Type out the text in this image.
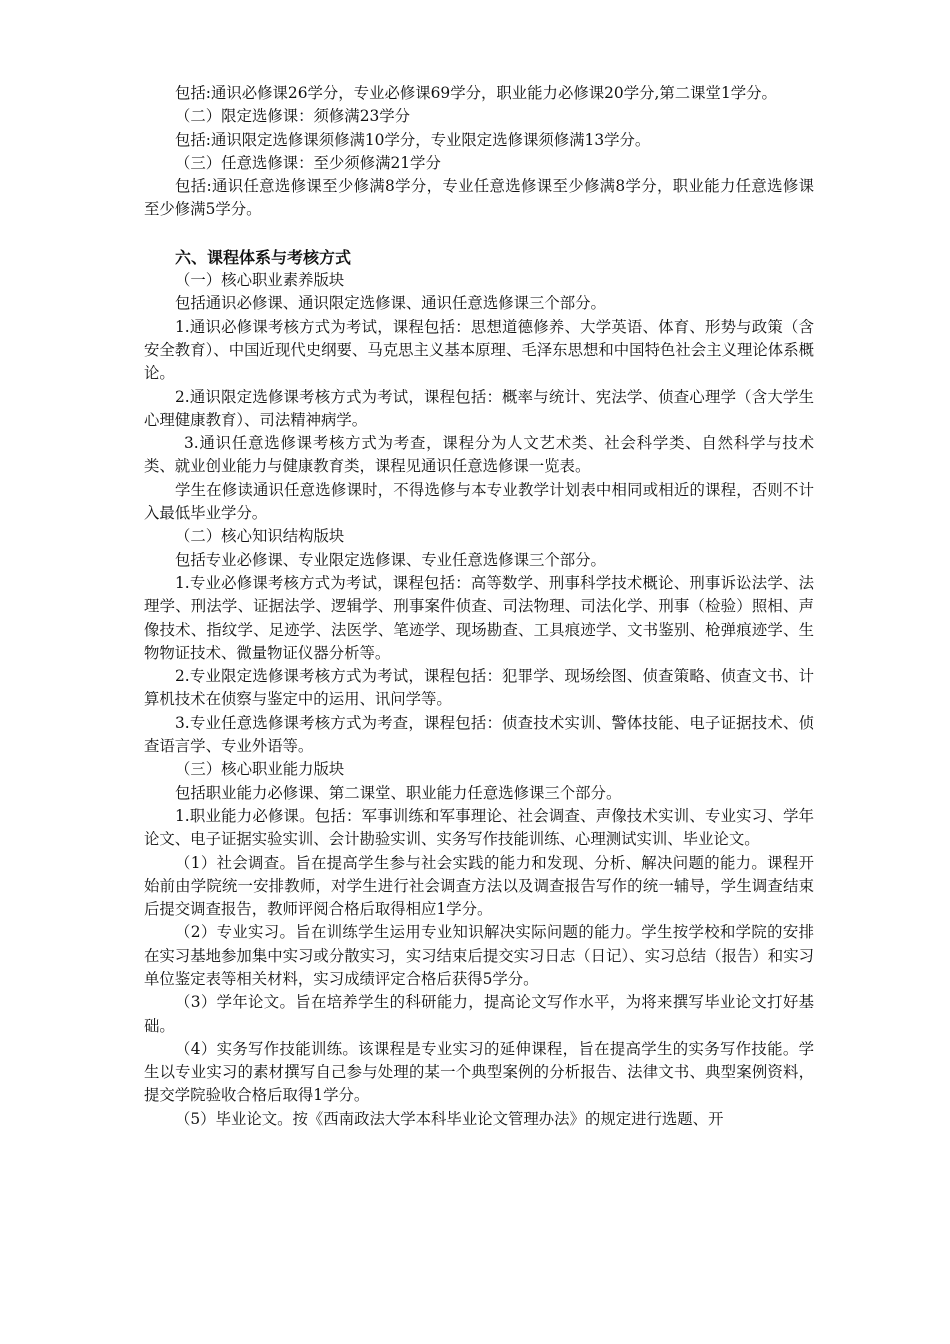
包括:通识必修课26学分，专业必修课69学分，职业能力必修课20学分,第二课堂1学分。

（二）限定选修课：须修满23学分

包括:通识限定选修课须修满10学分，专业限定选修课须修满13学分。

（三）任意选修课：至少须修满21学分

包括:通识任意选修课至少修满8学分，专业任意选修课至少修满8学分，职业能力任意选修课至少修满5学分。

六、课程体系与考核方式

（一）核心职业素养版块

包括通识必修课、通识限定选修课、通识任意选修课三个部分。

1.通识必修课考核方式为考试，课程包括：思想道德修养、大学英语、体育、形势与政策（含安全教育）、中国近现代史纲要、马克思主义基本原理、毛泽东思想和中国特色社会主义理论体系概论。

2.通识限定选修课考核方式为考试，课程包括：概率与统计、宪法学、侦查心理学（含大学生心理健康教育）、司法精神病学。

3.通识任意选修课考核方式为考查，课程分为人文艺术类、社会科学类、自然科学与技术类、就业创业能力与健康教育类，课程见通识任意选修课一览表。

学生在修读通识任意选修课时，不得选修与本专业教学计划表中相同或相近的课程，否则不计入最低毕业学分。

（二）核心知识结构版块

包括专业必修课、专业限定选修课、专业任意选修课三个部分。

1.专业必修课考核方式为考试，课程包括：高等数学、刑事科学技术概论、刑事诉讼法学、法理学、刑法学、证据法学、逻辑学、刑事案件侦查、司法物理、司法化学、刑事（检验）照相、声像技术、指纹学、足迹学、法医学、笔迹学、现场勘查、工具痕迹学、文书鉴别、枪弹痕迹学、生物物证技术、微量物证仪器分析等。

2.专业限定选修课考核方式为考试，课程包括：犯罪学、现场绘图、侦查策略、侦查文书、计算机技术在侦察与鉴定中的运用、讯问学等。

3.专业任意选修课考核方式为考查，课程包括：侦查技术实训、警体技能、电子证据技术、侦查语言学、专业外语等。

（三）核心职业能力版块

包括职业能力必修课、第二课堂、职业能力任意选修课三个部分。

1.职业能力必修课。包括：军事训练和军事理论、社会调查、声像技术实训、专业实习、学年论文、电子证据实验实训、会计勘验实训、实务写作技能训练、心理测试实训、毕业论文。

（1）社会调查。旨在提高学生参与社会实践的能力和发现、分析、解决问题的能力。课程开始前由学院统一安排教师，对学生进行社会调查方法以及调查报告写作的统一辅导，学生调查结束后提交调查报告，教师评阅合格后取得相应1学分。

（2）专业实习。旨在训练学生运用专业知识解决实际问题的能力。学生按学校和学院的安排在实习基地参加集中实习或分散实习，实习结束后提交实习日志（日记）、实习总结（报告）和实习单位鉴定表等相关材料，实习成绩评定合格后获得5学分。

（3）学年论文。旨在培养学生的科研能力，提高论文写作水平，为将来撰写毕业论文打好基础。

（4）实务写作技能训练。该课程是专业实习的延伸课程，旨在提高学生的实务写作技能。学生以专业实习的素材撰写自己参与处理的某一个典型案例的分析报告、法律文书、典型案例资料，提交学院验收合格后取得1学分。

（5）毕业论文。按《西南政法大学本科毕业论文管理办法》的规定进行选题、开
